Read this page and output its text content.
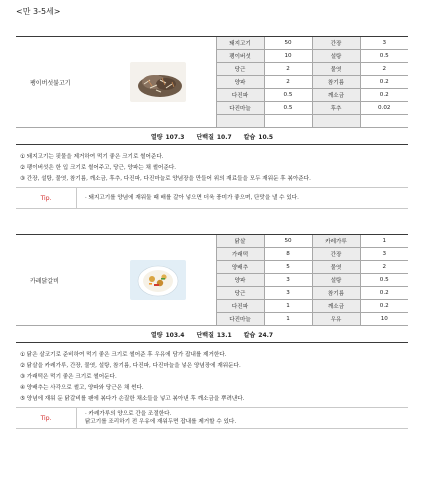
<만 3-5세>
팽이버섯불고기	돼지고기	50	간장	3
	팽이버섯	10	설탕	0.5
	당근	2	물엿	2
	양파	2	참기름	0.2
	다진파	0.5	깨소금	0.2
	다진마늘	0.5	후추	0.02

열량 107.3 단백질 10.7 칼슘 10.5

① 돼지고기는 핏물을 제거하여 먹기 좋은 크기로 썰어준다.

② 팽이버섯은 한 입 크기로 썰어주고, 당근, 양파는 채 썰어준다.

③ 간장, 설탕, 물엿, 참기름, 깨소금, 후추, 다진파, 다진마늘로 양념장을 만들어 위의 재료들을 모두 재워둔 후 볶아준다.

Tip.	· 돼지고기를 양념에 재워둘 때 배를 갈아 넣으면 더욱 풍미가 좋으며, 단맛을 낼 수 있다.
카레닭갈비	닭살	50	카레가루	1
	가래떡	8	간장	3
	양배추	5	물엿	2
	양파	3	설탕	0.5
	당근	3	참기름	0.2
	다진파	1	깨소금	0.2
	다진마늘	1	우유	10
열량 103.4 단백질 13.1 칼슘 24.7

① 닭은 살코기로 준비하여 먹기 좋은 크기로 썰어준 후 우유에 담가 잡내를 제거한다.

② 닭살을 카레가루, 간장, 물엿, 설탕, 참기름, 다진파, 다진마늘을 넣은 양념장에 재워둔다.

③ 가래떡은 먹기 좋은 크기로 썰어둔다.

④ 양배추는 사각으로 썰고, 양파와 당근은 채 썬다.

⑤ 양념에 재워 둔 닭갈비를 팬에 볶다가 손질한 채소들을 넣고 볶아낸 후 깨소금을 뿌려낸다.

Tip.
· 카레가루의 양으로 간을 조절한다.
닭고기를 조리하기 전 우유에 재워두면 잡내를 제거할 수 있다.
